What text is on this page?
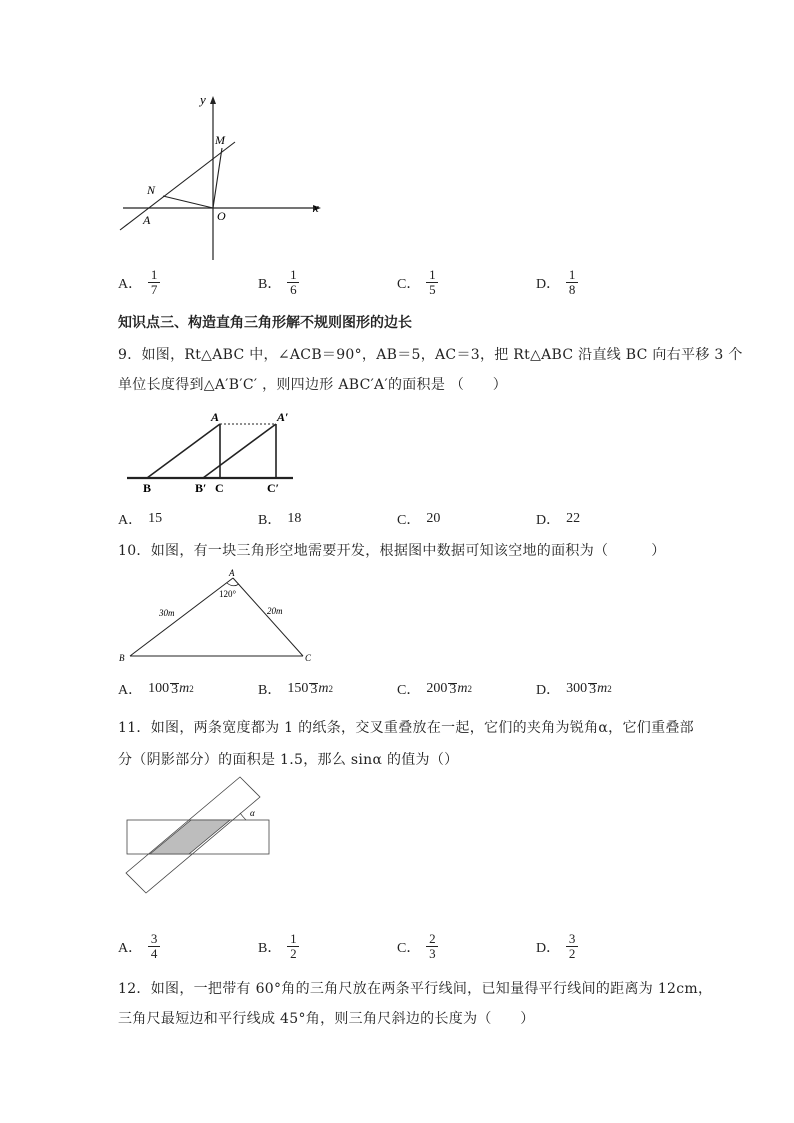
y
x
M
N
A	O
A． $\frac{1}{7}$	B． $\frac{1}{6}$	C． $\frac{1}{5}$	D． $\frac{1}{8}$
知识点三、构造直角三角形解不规则图形的边长
9．如图，Rt△ABC 中，∠ACB＝90°，AB＝5，AC＝3，把 Rt△ABC 沿直线 BC 向右平移 3 个
单位长度得到△A′B′C′ ，则四边形 ABC′A′的面积是 （　　）
A	A′
B	B′ C	C′
A． 15	B． 18	C． 20	D． 22
10．如图，有一块三角形空地需要开发，根据图中数据可知该空地的面积为（　　　）
A
B	C
120°
30m	20m
A． 100 3 m 2	B． 150 3 m 2	C． 200 3 m 2	D． 300 3 m 2
11．如图，两条宽度都为 1 的纸条，交叉重叠放在一起，它们的夹角为锐角α，它们重叠部
分（阴影部分）的面积是 1.5，那么 sinα 的值为（）
α
A． $\frac{3}{4}$	B． $\frac{1}{2}$	C． $\frac{2}{3}$	D． $\frac{3}{2}$
12．如图，一把带有 60°角的三角尺放在两条平行线间，已知量得平行线间的距离为 12cm，
三角尺最短边和平行线成 45°角，则三角尺斜边的长度为（　　）
